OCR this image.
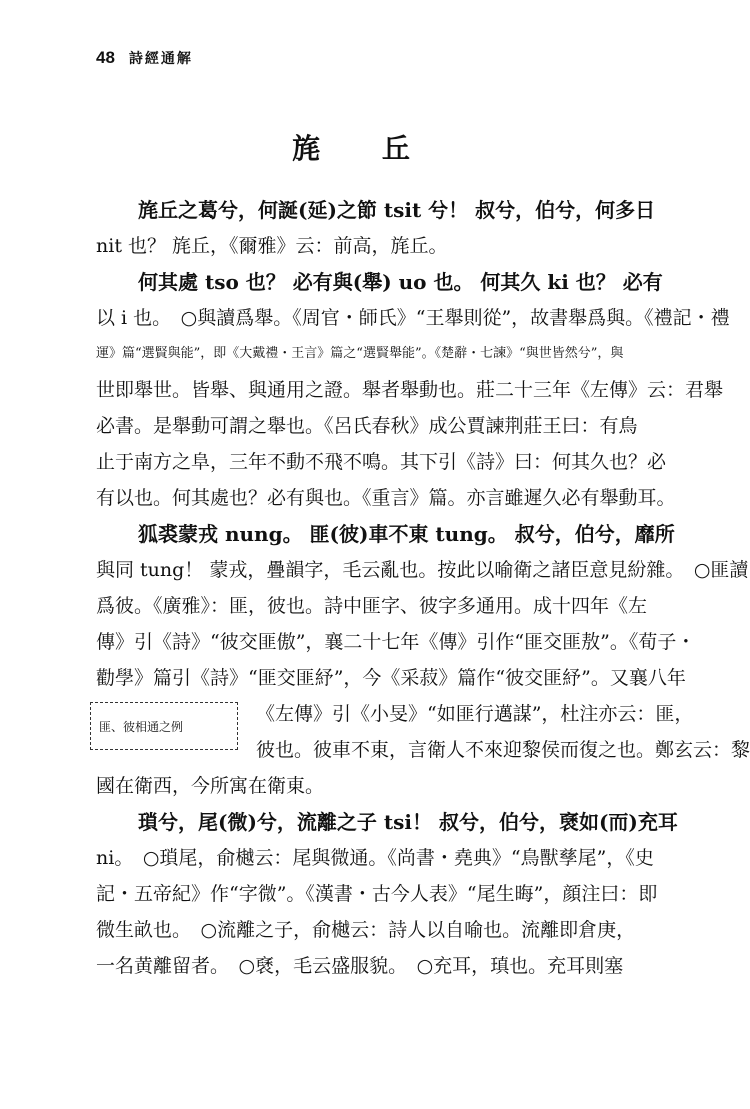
48 詩經通解
旄 丘
旄丘之葛兮，何誕(延)之節 tsit 兮！ 叔兮，伯兮，何多日
nit 也？ 旄丘，《爾雅》云：前高，旄丘。
何其處 tso 也？ 必有與(舉) uo 也。 何其久 ki 也？ 必有
以 i 也。　○與讀爲舉。《周官・師氏》“王舉則從”，故書舉爲與。《禮記・禮
運》篇“選賢與能”，即《大戴禮・王言》篇之“選賢舉能”。《楚辭・七諫》“與世皆然兮”，與
世即舉世。皆舉、與通用之證。舉者舉動也。莊二十三年《左傳》云：君舉
必書。是舉動可謂之舉也。《呂氏春秋》成公賈諫荆莊王曰：有鳥
止于南方之阜，三年不動不飛不鳴。其下引《詩》曰：何其久也？必
有以也。何其處也？必有與也。《重言》篇。亦言雖遲久必有舉動耳。
狐裘蒙戎 nung。 匪(彼)車不東 tung。 叔兮，伯兮，靡所
與同 tung！ 蒙戎，疊韻字，毛云亂也。按此以喻衛之諸臣意見紛雜。　○匪讀
爲彼。《廣雅》：匪，彼也。詩中匪字、彼字多通用。成十四年《左
傳》引《詩》“彼交匪傲”，襄二十七年《傳》引作“匪交匪敖”。《荀子・
勸學》篇引《詩》“匪交匪紓”，今《采菽》篇作“彼交匪紓”。又襄八年
匪、彼相通之例
《左傳》引《小旻》“如匪行邁謀”，杜注亦云：匪，
彼也。彼車不東，言衛人不來迎黎侯而復之也。鄭玄云：黎
國在衛西，今所寓在衛東。
瑣兮，尾(微)兮，流離之子 tsi！ 叔兮，伯兮，褎如(而)充耳
ni。　○瑣尾，俞樾云：尾與微通。《尚書・堯典》“鳥獸孳尾”，《史
記・五帝紀》作“字微”。《漢書・古今人表》“尾生晦”，顔注曰：即
微生畝也。　○流離之子，俞樾云：詩人以自喻也。流離即倉庚，
一名黄離留者。　○褎，毛云盛服貌。　○充耳，瑱也。充耳則塞
